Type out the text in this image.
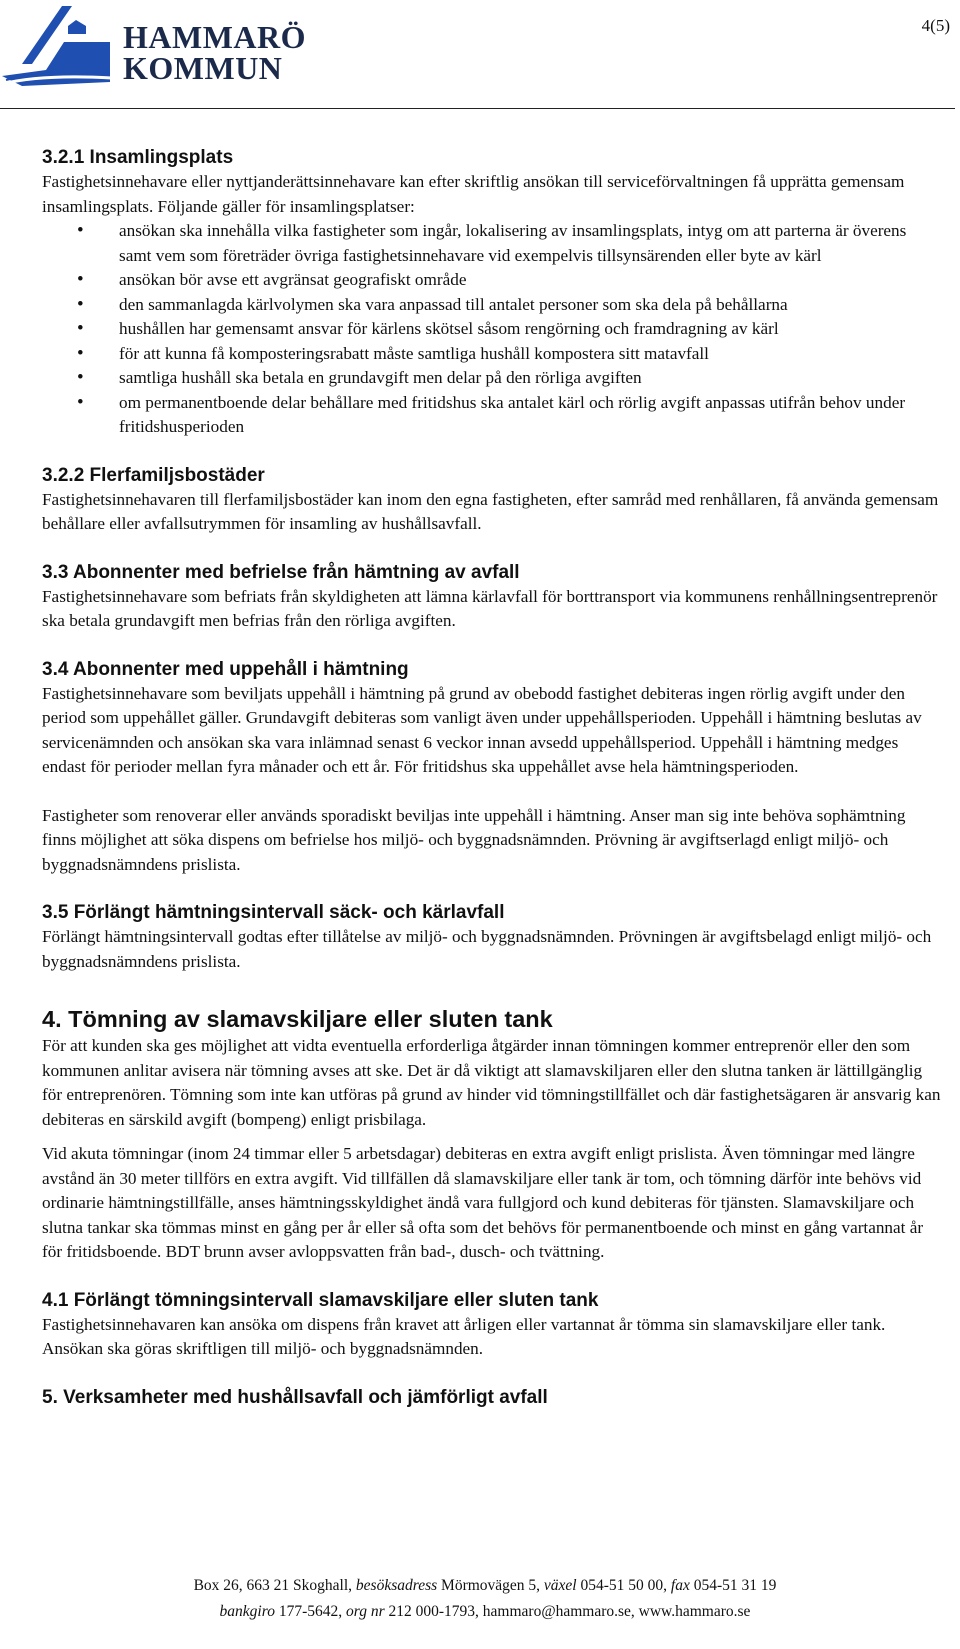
HAMMARÖ
KOMMUN
4(5)
3.2.1 Insamlingsplats

Fastighetsinnehavare eller nyttjanderättsinnehavare kan efter skriftlig ansökan till serviceförvaltningen få upprätta gemensam insamlingsplats. Följande gäller för insamlingsplatser:

• ansökan ska innehålla vilka fastigheter som ingår, lokalisering av insamlingsplats, intyg om att parterna är överens samt vem som företräder övriga fastighetsinnehavare vid exempelvis tillsynsärenden eller byte av kärl
• ansökan bör avse ett avgränsat geografiskt område
• den sammanlagda kärlvolymen ska vara anpassad till antalet personer som ska dela på behållarna
• hushållen har gemensamt ansvar för kärlens skötsel såsom rengörning och framdragning av kärl
• för att kunna få komposteringsrabatt måste samtliga hushåll kompostera sitt matavfall
• samtliga hushåll ska betala en grundavgift men delar på den rörliga avgiften
• om permanentboende delar behållare med fritidshus ska antalet kärl och rörlig avgift anpassas utifrån behov under fritidshusperioden
3.2.2 Flerfamiljsbostäder

Fastighetsinnehavaren till flerfamiljsbostäder kan inom den egna fastigheten, efter samråd med renhållaren, få använda gemensam behållare eller avfallsutrymmen för insamling av hushållsavfall.

3.3 Abonnenter med befrielse från hämtning av avfall

Fastighetsinnehavare som befriats från skyldigheten att lämna kärlavfall för borttransport via kommunens renhållningsentreprenör ska betala grundavgift men befrias från den rörliga avgiften.

3.4 Abonnenter med uppehåll i hämtning

Fastighetsinnehavare som beviljats uppehåll i hämtning på grund av obebodd fastighet debiteras ingen rörlig avgift under den period som uppehållet gäller. Grundavgift debiteras som vanligt även under uppehållsperioden. Uppehåll i hämtning beslutas av servicenämnden och ansökan ska vara inlämnad senast 6 veckor innan avsedd uppehållsperiod. Uppehåll i hämtning medges endast för perioder mellan fyra månader och ett år. För fritidshus ska uppehållet avse hela hämtningsperioden.

Fastigheter som renoverar eller används sporadiskt beviljas inte uppehåll i hämtning. Anser man sig inte behöva sophämtning finns möjlighet att söka dispens om befrielse hos miljö- och byggnadsnämnden. Prövning är avgiftserlagd enligt miljö- och byggnadsnämndens prislista.

3.5 Förlängt hämtningsintervall säck- och kärlavfall

Förlängt hämtningsintervall godtas efter tillåtelse av miljö- och byggnadsnämnden. Prövningen är avgiftsbelagd enligt miljö- och byggnadsnämndens prislista.

4. Tömning av slamavskiljare eller sluten tank

För att kunden ska ges möjlighet att vidta eventuella erforderliga åtgärder innan tömningen kommer entreprenör eller den som kommunen anlitar avisera när tömning avses att ske. Det är då viktigt att slamavskiljaren eller den slutna tanken är lättillgänglig för entreprenören. Tömning som inte kan utföras på grund av hinder vid tömningstillfället och där fastighetsägaren är ansvarig kan debiteras en särskild avgift (bompeng) enligt prisbilaga.

Vid akuta tömningar (inom 24 timmar eller 5 arbetsdagar) debiteras en extra avgift enligt prislista. Även tömningar med längre avstånd än 30 meter tillförs en extra avgift. Vid tillfällen då slamavskiljare eller tank är tom, och tömning därför inte behövs vid ordinarie hämtningstillfälle, anses hämtningsskyldighet ändå vara fullgjord och kund debiteras för tjänsten. Slamavskiljare och slutna tankar ska tömmas minst en gång per år eller så ofta som det behövs för permanentboende och minst en gång vartannat år för fritidsboende. BDT brunn avser avloppsvatten från bad-, dusch- och tvättning.

4.1 Förlängt tömningsintervall slamavskiljare eller sluten tank

Fastighetsinnehavaren kan ansöka om dispens från kravet att årligen eller vartannat år tömma sin slamavskiljare eller tank. Ansökan ska göras skriftligen till miljö- och byggnadsnämnden.

5. Verksamheter med hushållsavfall och jämförligt avfall
Box 26, 663 21 Skoghall, besöksadress Mörmovägen 5, växel 054-51 50 00, fax 054-51 31 19
bankgiro 177-5642, org nr 212 000-1793, hammaro@hammaro.se, www.hammaro.se
